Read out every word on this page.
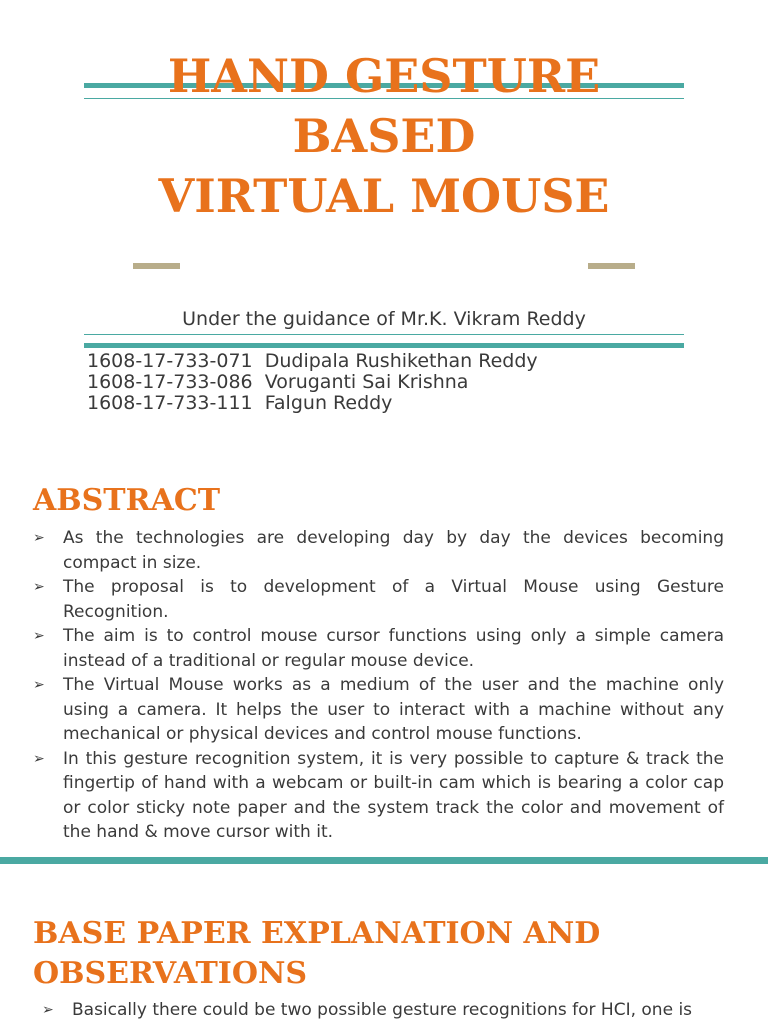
HAND GESTURE
BASED
VIRTUAL MOUSE
Under the guidance of Mr.K. Vikram Reddy
1608-17-733-071 Dudipala Rushikethan Reddy
1608-17-733-086 Voruganti Sai Krishna
1608-17-733-111 Falgun Reddy
ABSTRACT
➢ As the technologies are developing day by day the devices becoming compact in size.
➢ The proposal is to development of a Virtual Mouse using Gesture Recognition.
➢ The aim is to control mouse cursor functions using only a simple camera instead of a traditional or regular mouse device.
➢ The Virtual Mouse works as a medium of the user and the machine only using a camera. It helps the user to interact with a machine without any mechanical or physical devices and control mouse functions.
➢ In this gesture recognition system, it is very possible to capture & track the fingertip of hand with a webcam or built-in cam which is bearing a color cap or color sticky note paper and the system track the color and movement of the hand & move cursor with it.
BASE PAPER EXPLANATION AND
OBSERVATIONS
➢ Basically there could be two possible gesture recognitions for HCI, one is
